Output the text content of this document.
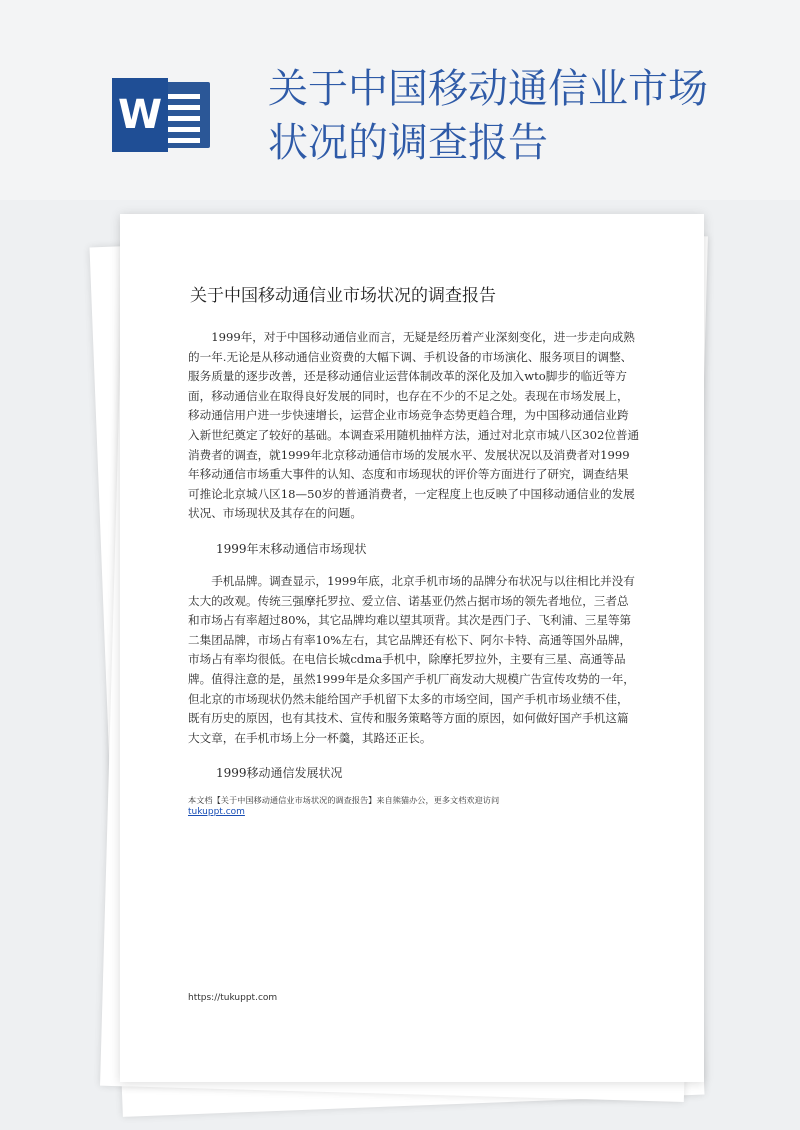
W
关于中国移动通信业市场状况的调查报告
关于中国移动通信业市场状况的调查报告

1999年，对于中国移动通信业而言，无疑是经历着产业深刻变化，进一步走向成熟的一年.无论是从移动通信业资费的大幅下调、手机设备的市场演化、服务项目的调整、服务质量的逐步改善，还是移动通信业运营体制改革的深化及加入wto脚步的临近等方面，移动通信业在取得良好发展的同时，也存在不少的不足之处。表现在市场发展上，移动通信用户进一步快速增长，运营企业市场竞争态势更趋合理，为中国移动通信业跨入新世纪奠定了较好的基础。本调查采用随机抽样方法，通过对北京市城八区302位普通消费者的调查，就1999年北京移动通信市场的发展水平、发展状况以及消费者对1999年移动通信市场重大事件的认知、态度和市场现状的评价等方面进行了研究，调查结果可推论北京城八区18—50岁的普通消费者，一定程度上也反映了中国移动通信业的发展状况、市场现状及其存在的问题。

1999年末移动通信市场现状

手机品牌。调查显示，1999年底，北京手机市场的品牌分布状况与以往相比并没有太大的改观。传统三强摩托罗拉、爱立信、诺基亚仍然占据市场的领先者地位，三者总和市场占有率超过80%，其它品牌均难以望其项背。其次是西门子、飞利浦、三星等第二集团品牌，市场占有率10%左右，其它品牌还有松下、阿尔卡特、高通等国外品牌，市场占有率均很低。在电信长城cdma手机中，除摩托罗拉外，主要有三星、高通等品牌。值得注意的是，虽然1999年是众多国产手机厂商发动大规模广告宣传攻势的一年，但北京的市场现状仍然未能给国产手机留下太多的市场空间，国产手机市场业绩不佳，既有历史的原因，也有其技术、宣传和服务策略等方面的原因，如何做好国产手机这篇大文章，在手机市场上分一杯羹，其路还正长。

1999移动通信发展状况
本文档【关于中国移动通信业市场状况的调查报告】来自熊猫办公，更多文档欢迎访问
tukuppt.com
https://tukuppt.com
